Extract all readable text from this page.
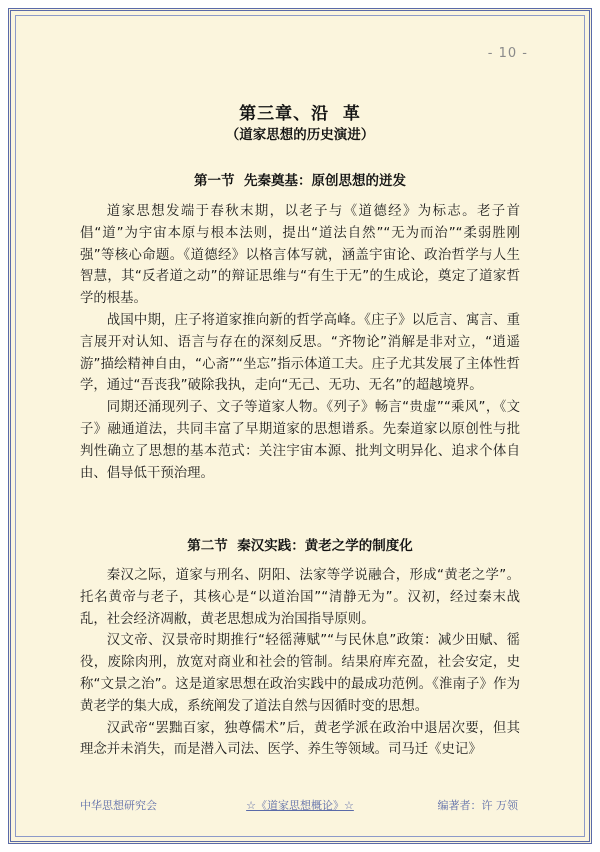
- 10 -
第三章、沿  革
（道家思想的历史演进）
第一节  先秦奠基：原创思想的迸发

道家思想发端于春秋末期，以老子与《道德经》为标志。老子首倡“道”为宇宙本原与根本法则，提出“道法自然”“无为而治”“柔弱胜刚强”等核心命题。《道德经》以格言体写就，涵盖宇宙论、政治哲学与人生智慧，其“反者道之动”的辩证思维与“有生于无”的生成论，奠定了道家哲学的根基。

战国中期，庄子将道家推向新的哲学高峰。《庄子》以卮言、寓言、重言展开对认知、语言与存在的深刻反思。“齐物论”消解是非对立，“逍遥游”描绘精神自由，“心斋”“坐忘”指示体道工夫。庄子尤其发展了主体性哲学，通过“吾丧我”破除我执，走向“无己、无功、无名”的超越境界。

同期还涌现列子、文子等道家人物。《列子》畅言“贵虚”“乘风”，《文子》融通道法，共同丰富了早期道家的思想谱系。先秦道家以原创性与批判性确立了思想的基本范式：关注宇宙本源、批判文明异化、追求个体自由、倡导低干预治理。

第二节  秦汉实践：黄老之学的制度化

秦汉之际，道家与刑名、阴阳、法家等学说融合，形成“黄老之学”。托名黄帝与老子，其核心是“以道治国”“清静无为”。汉初，经过秦末战乱，社会经济凋敝，黄老思想成为治国指导原则。

汉文帝、汉景帝时期推行“轻徭薄赋”“与民休息”政策：减少田赋、徭役，废除肉刑，放宽对商业和社会的管制。结果府库充盈，社会安定，史称“文景之治”。这是道家思想在政治实践中的最成功范例。《淮南子》作为黄老学的集大成，系统阐发了道法自然与因循时变的思想。

汉武帝“罢黜百家，独尊儒术”后，黄老学派在政治中退居次要，但其理念并未消失，而是潜入司法、医学、养生等领域。司马迁《史记》

中华思想研究会	☆《道家思想概论》☆	编著者：许 万领
